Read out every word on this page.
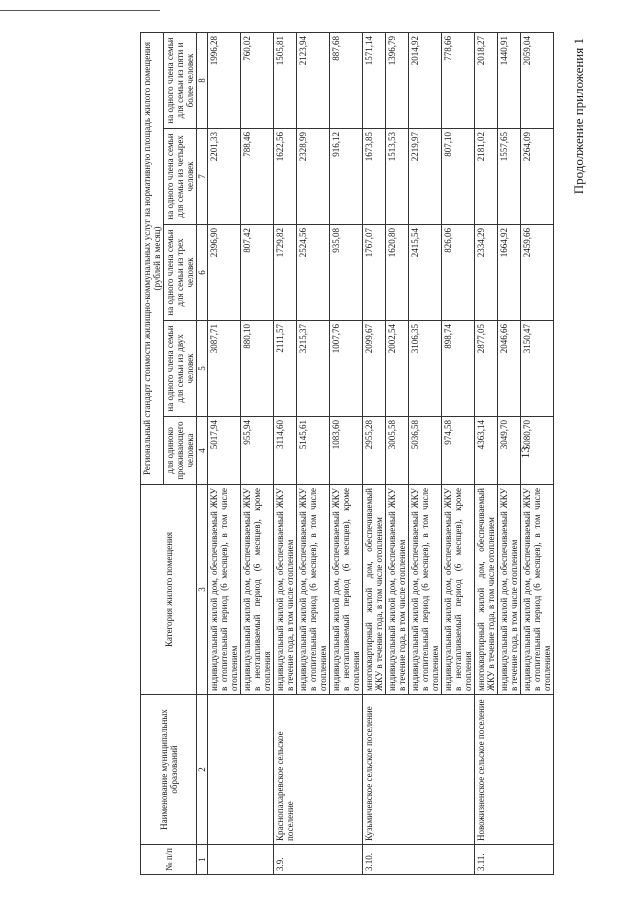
13
Продолжение приложения 1
№ п/п	Наименование муниципальных образований	Категория жилого помещения	Региональный стандарт стоимости жилищно-коммунальных услуг на нормативную площадь жилого помещения (рублей в месяц)				
			для одиноко проживающего человека	на одного члена семьи для семьи из двух человек	на одного члена семьи для семьи из трех человек	на одного члена семьи для семьи из четырех человек	на одного члена семьи для семьи из пяти и более человек
1	2	3	4	5	6	7	8
		индивидуальный жилой дом, обеспечиваемый ЖКУ в отопительный период (6 месяцев), в том числе отоплением	5017,94	3087,71	2396,90	2201,33	1996,28
		индивидуальный жилой дом, обеспечиваемый ЖКУ в неотапливаемый период (6 месяцев), кроме отопления	955,94	880,10	807,42	788,46	760,02
3.9.	Краснопахаревское сельское поселение	индивидуальный жилой дом, обеспечиваемый ЖКУ в течение года, в том числе отоплением	3114,60	2111,57	1729,82	1622,56	1505,81
		индивидуальный жилой дом, обеспечиваемый ЖКУ в отопительный период (6 месяцев), в том числе отоплением	5145,61	3215,37	2524,56	2328,99	2123,94
		индивидуальный жилой дом, обеспечиваемый ЖКУ в неотапливаемый период (6 месяцев), кроме отопления	1083,60	1007,76	935,08	916,12	887,68
3.10.	Кузьмичевское сельское поселение	многоквартирный жилой дом, обеспечиваемый ЖКУ в течение года, в том числе отоплением	2955,28	2099,67	1767,07	1673,85	1571,14
		индивидуальный жилой дом, обеспечиваемый ЖКУ в течение года, в том числе отоплением	3005,58	2002,54	1620,80	1513,53	1396,79
		индивидуальный жилой дом, обеспечиваемый ЖКУ в отопительный период (6 месяцев), в том числе отоплением	5036,58	3106,35	2415,54	2219,97	2014,92
		индивидуальный жилой дом, обеспечиваемый ЖКУ в неотапливаемый период (6 месяцев), кроме отопления	974,58	898,74	826,06	807,10	778,66
3.11.	Новожизненское сельское поселение	многоквартирный жилой дом, обеспечиваемый ЖКУ в течение года, в том числе отоплением	4363,14	2877,05	2334,29	2181,02	2018,27
		индивидуальный жилой дом, обеспечиваемый ЖКУ в течение года, в том числе отоплением	3049,70	2046,66	1664,92	1557,65	1440,91
		индивидуальный жилой дом, обеспечиваемый ЖКУ в отопительный период (6 месяцев), в том числе отоплением	5080,70	3150,47	2459,66	2264,09	2059,04
